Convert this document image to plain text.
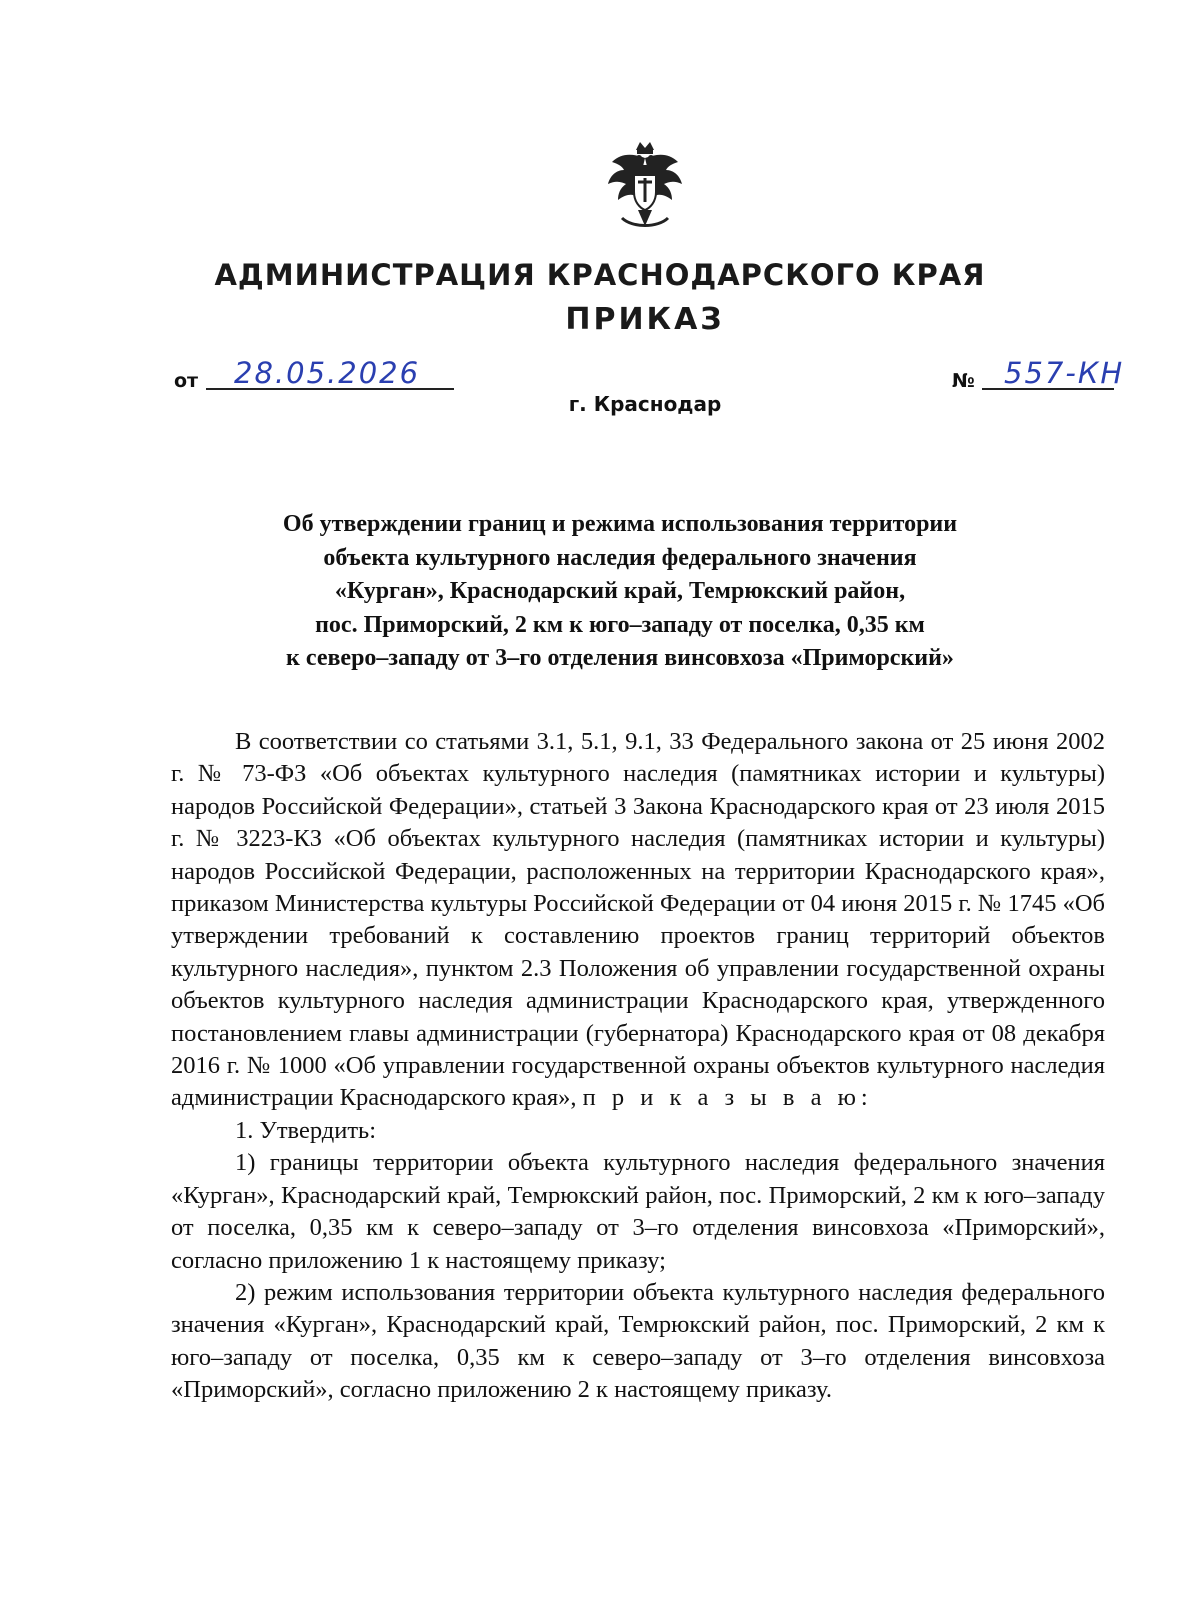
АДМИНИСТРАЦИЯ КРАСНОДАРСКОГО КРАЯ
ПРИКАЗ
от 28.05.2026	№ 557-КН
г. Краснодар
Об утверждении границ и режима использования территории
объекта культурного наследия федерального значения
«Курган», Краснодарский край, Темрюкский район,
пос. Приморский, 2 км к юго–западу от поселка, 0,35 км
к северо–западу от 3–го отделения винсовхоза «Приморский»

В соответствии со статьями 3.1, 5.1, 9.1, 33 Федерального закона от 25 июня 2002 г. № 73-ФЗ «Об объектах культурного наследия (памятниках истории и культуры) народов Российской Федерации», статьей 3 Закона Краснодарского края от 23 июля 2015 г. № 3223-КЗ «Об объектах культурного наследия (памятниках истории и культуры) народов Российской Федерации, расположенных на территории Краснодарского края», приказом Министерства культуры Российской Федерации от 04 июня 2015 г. № 1745 «Об утверждении требований к составлению проектов границ территорий объектов культурного наследия», пунктом 2.3 Положения об управлении государственной охраны объектов культурного наследия администрации Краснодарского края, утвержденного постановлением главы администрации (губернатора) Краснодарского края от 08 декабря 2016 г. № 1000 «Об управлении государственной охраны объектов культурного наследия администрации Краснодарского края», п р и к а з ы в а ю:

1. Утвердить:

1) границы территории объекта культурного наследия федерального значения «Курган», Краснодарский край, Темрюкский район, пос. Приморский, 2 км к юго–западу от поселка, 0,35 км к северо–западу от 3–го отделения винсовхоза «Приморский», согласно приложению 1 к настоящему приказу;

2) режим использования территории объекта культурного наследия федерального значения «Курган», Краснодарский край, Темрюкский район, пос. Приморский, 2 км к юго–западу от поселка, 0,35 км к северо–западу от 3–го отделения винсовхоза «Приморский», согласно приложению 2 к настоящему приказу.
